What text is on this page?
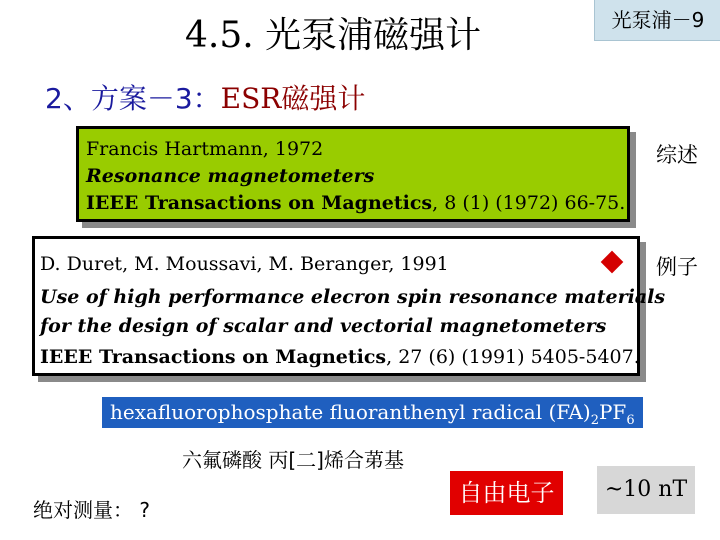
4.5. 光泵浦磁强计	光泵浦－9
2、方案－3：ESR磁强计
Francis Hartmann, 1972
Resonance magnetometers
IEEE Transactions on Magnetics, 8 (1) (1972) 66-75.
综述
D. Duret, M. Moussavi, M. Beranger, 1991
Use of high performance elecron spin resonance materials
for the design of scalar and vectorial magnetometers
IEEE Transactions on Magnetics, 27 (6) (1991) 5405-5407.
例子
hexafluorophosphate fluoranthenyl radical $(FA)_2PF_6$
六氟磷酸 丙[二]烯合苐基
绝对测量： ?
自由电子	~10 nT
